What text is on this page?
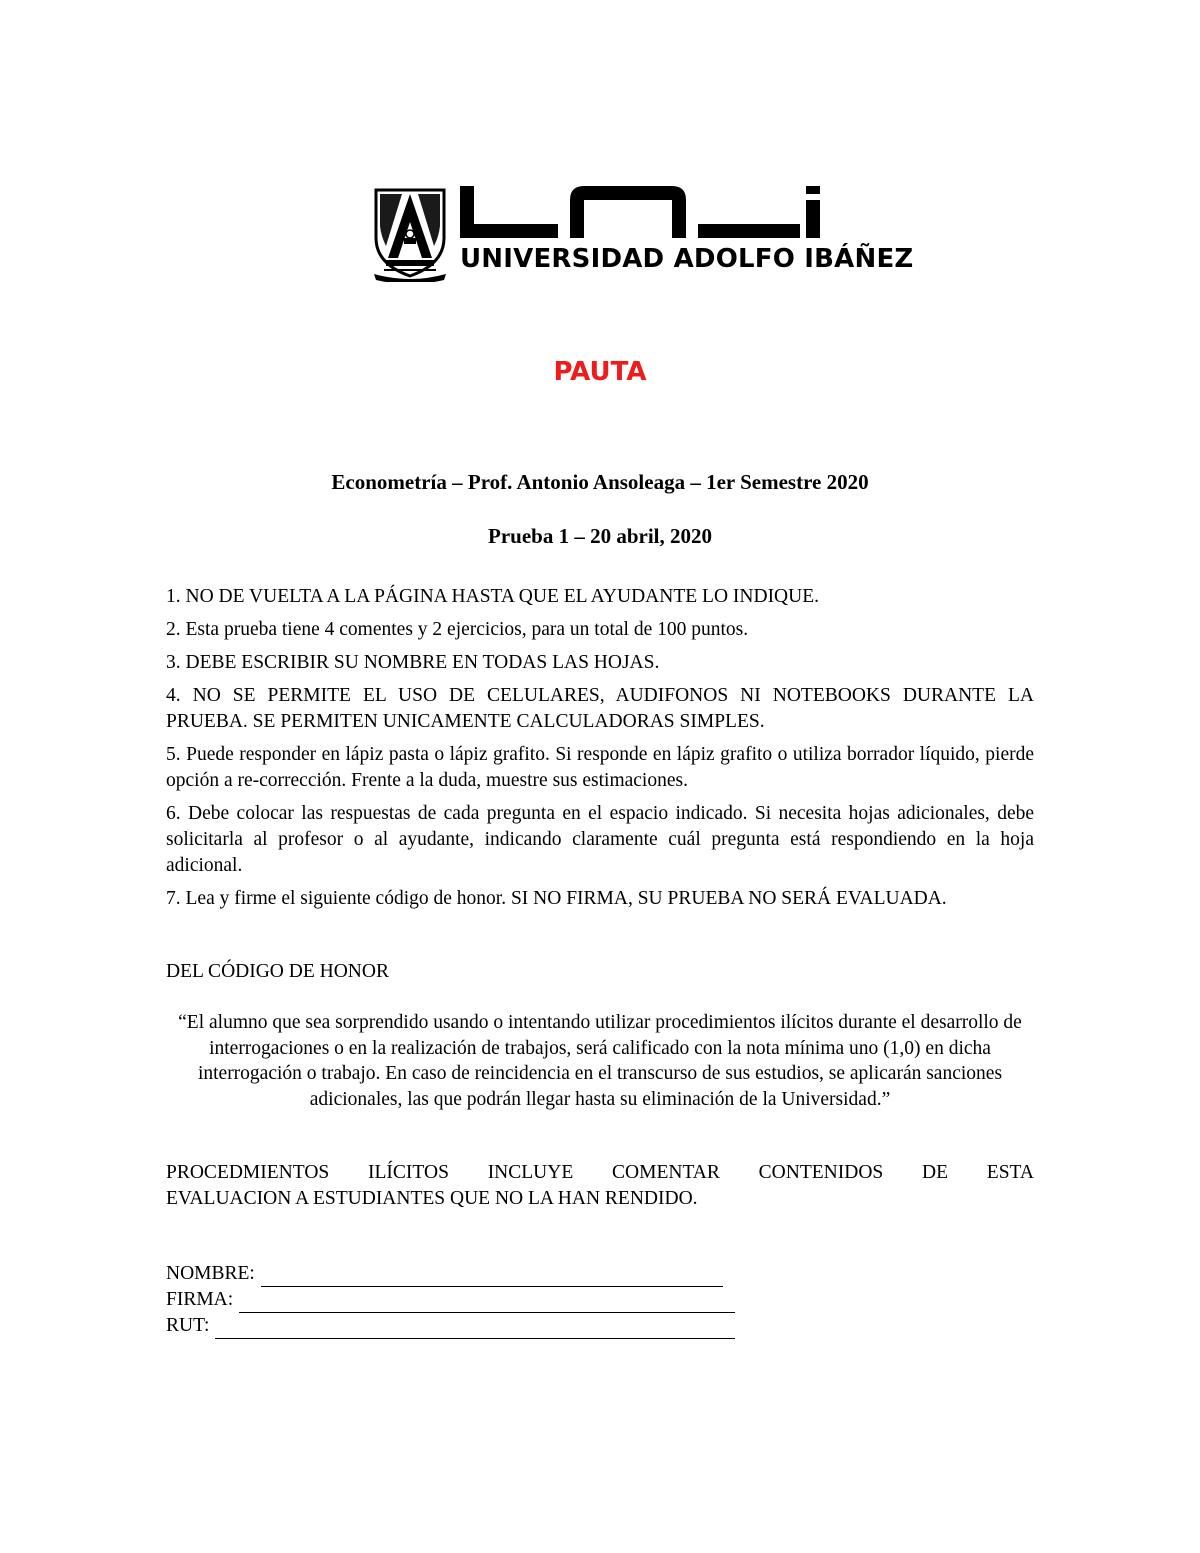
UNIVERSIDAD ADOLFO IBÁÑEZ
PAUTA
Econometría – Prof. Antonio Ansoleaga – 1er Semestre 2020
Prueba 1 – 20 abril, 2020

1. NO DE VUELTA A LA PÁGINA HASTA QUE EL AYUDANTE LO INDIQUE.

2. Esta prueba tiene 4 comentes y 2 ejercicios, para un total de 100 puntos.

3. DEBE ESCRIBIR SU NOMBRE EN TODAS LAS HOJAS.

4. NO SE PERMITE EL USO DE CELULARES, AUDIFONOS NI NOTEBOOKS DURANTE LA PRUEBA. SE PERMITEN UNICAMENTE CALCULADORAS SIMPLES.

5. Puede responder en lápiz pasta o lápiz grafito. Si responde en lápiz grafito o utiliza borrador líquido, pierde opción a re-corrección. Frente a la duda, muestre sus estimaciones.

6. Debe colocar las respuestas de cada pregunta en el espacio indicado. Si necesita hojas adicionales, debe solicitarla al profesor o al ayudante, indicando claramente cuál pregunta está respondiendo en la hoja adicional.

7. Lea y firme el siguiente código de honor. SI NO FIRMA, SU PRUEBA NO SERÁ EVALUADA.

DEL CÓDIGO DE HONOR
“El alumno que sea sorprendido usando o intentando utilizar procedimientos ilícitos durante el desarrollo de interrogaciones o en la realización de trabajos, será calificado con la nota mínima uno (1,0) en dicha interrogación o trabajo. En caso de reincidencia en el transcurso de sus estudios, se aplicarán sanciones adicionales, las que podrán llegar hasta su eliminación de la Universidad.”
PROCEDMIENTOS ILÍCITOS INCLUYE COMENTAR CONTENIDOS DE ESTA
EVALUACION A ESTUDIANTES QUE NO LA HAN RENDIDO.
NOMBRE:
FIRMA:
RUT:
